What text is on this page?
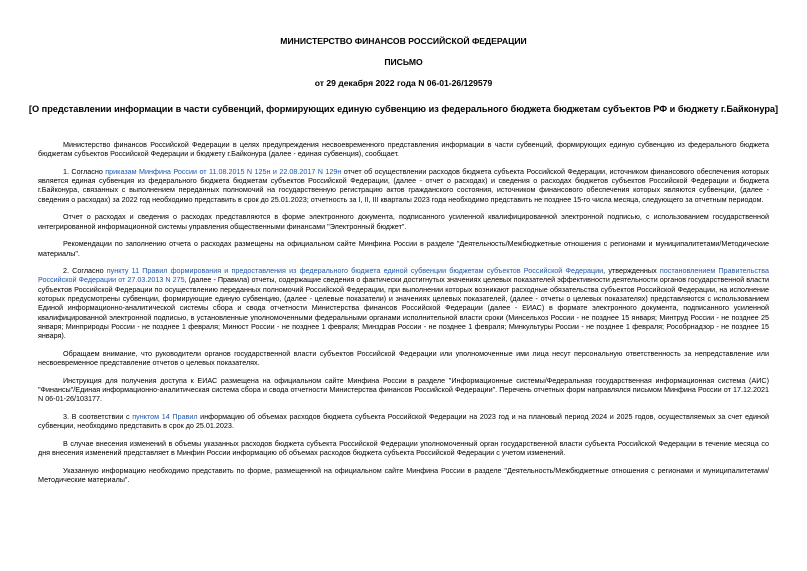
МИНИСТЕРСТВО ФИНАНСОВ РОССИЙСКОЙ ФЕДЕРАЦИИ
ПИСЬМО
от 29 декабря 2022 года N 06-01-26/129579
[О представлении информации в части субвенций, формирующих единую субвенцию из федерального бюджета бюджетам субъектов РФ и бюджету г.Байконура]

Министерство финансов Российской Федерации в целях предупреждения несвоевременного представления информации в части субвенций, формирующих единую субвенцию из федерального бюджета бюджетам субъектов Российской Федерации и бюджету г.Байконура (далее - единая субвенция), сообщает.

1. Согласно приказам Минфина России от 11.08.2015 N 125н и 22.08.2017 N 129н отчет об осуществлении расходов бюджета субъекта Российской Федерации, источником финансового обеспечения которых является единая субвенция из федерального бюджета бюджетам субъектов Российской Федерации, (далее - отчет о расходах) и сведения о расходах бюджетов субъектов Российской Федерации и бюджета г.Байконура, связанных с выполнением переданных полномочий на государственную регистрацию актов гражданского состояния, источником финансового обеспечения которых являются субвенции, (далее - сведения о расходах) за 2022 год необходимо представить в срок до 25.01.2023; отчетность за I, II, III кварталы 2023 года необходимо представить не позднее 15-го числа месяца, следующего за отчетным периодом.

Отчет о расходах и сведения о расходах представляются в форме электронного документа, подписанного усиленной квалифицированной электронной подписью, с использованием государственной интегрированной информационной системы управления общественными финансами "Электронный бюджет".

Рекомендации по заполнению отчета о расходах размещены на официальном сайте Минфина России в разделе "Деятельность/Межбюджетные отношения с регионами и муниципалитетами/Методические материалы".

2. Согласно пункту 11 Правил формирования и предоставления из федерального бюджета единой субвенции бюджетам субъектов Российской Федерации, утвержденных постановлением Правительства Российской Федерации от 27.03.2013 N 275, (далее - Правила) отчеты, содержащие сведения о фактически достигнутых значениях целевых показателей эффективности деятельности органов государственной власти субъектов Российской Федерации по осуществлению переданных полномочий Российской Федерации, при выполнении которых возникают расходные обязательства субъектов Российской Федерации, на исполнение которых предусмотрены субвенции, формирующие единую субвенцию, (далее - целевые показатели) и значениях целевых показателей, (далее - отчеты о целевых показателях) представляются с использованием Единой информационно-аналитической системы сбора и свода отчетности Министерства финансов Российской Федерации (далее - ЕИАС) в формате электронного документа, подписанного усиленной квалифицированной электронной подписью, в установленные уполномоченными федеральными органами исполнительной власти сроки (Минсельхоз России - не позднее 15 января; Минтруд России - не позднее 25 января; Минприроды России - не позднее 1 февраля; Минюст России - не позднее 1 февраля; Минздрав России - не позднее 1 февраля; Минкультуры России - не позднее 1 февраля; Рособрнадзор - не позднее 15 января).

Обращаем внимание, что руководители органов государственной власти субъектов Российской Федерации или уполномоченные ими лица несут персональную ответственность за непредставление или несвоевременное представление отчетов о целевых показателях.

Инструкция для получения доступа к ЕИАС размещена на официальном сайте Минфина России в разделе "Информационные системы/Федеральная государственная информационная система (АИС) "Финансы"/Единая информационно-аналитическая система сбора и свода отчетности Министерства финансов Российской Федерации". Перечень отчетных форм направлялся письмом Минфина России от 17.12.2021 N 06-01-26/103177.

3. В соответствии с пунктом 14 Правил информацию об объемах расходов бюджета субъекта Российской Федерации на 2023 год и на плановый период 2024 и 2025 годов, осуществляемых за счет единой субвенции, необходимо представить в срок до 25.01.2023.

В случае внесения изменений в объемы указанных расходов бюджета субъекта Российской Федерации уполномоченный орган государственной власти субъекта Российской Федерации в течение месяца со дня внесения изменений представляет в Минфин России информацию об объемах расходов бюджета субъекта Российской Федерации с учетом изменений.

Указанную информацию необходимо представить по форме, размещенной на официальном сайте Минфина России в разделе "Деятельность/Межбюджетные отношения с регионами и муниципалитетами/Методические материалы".
